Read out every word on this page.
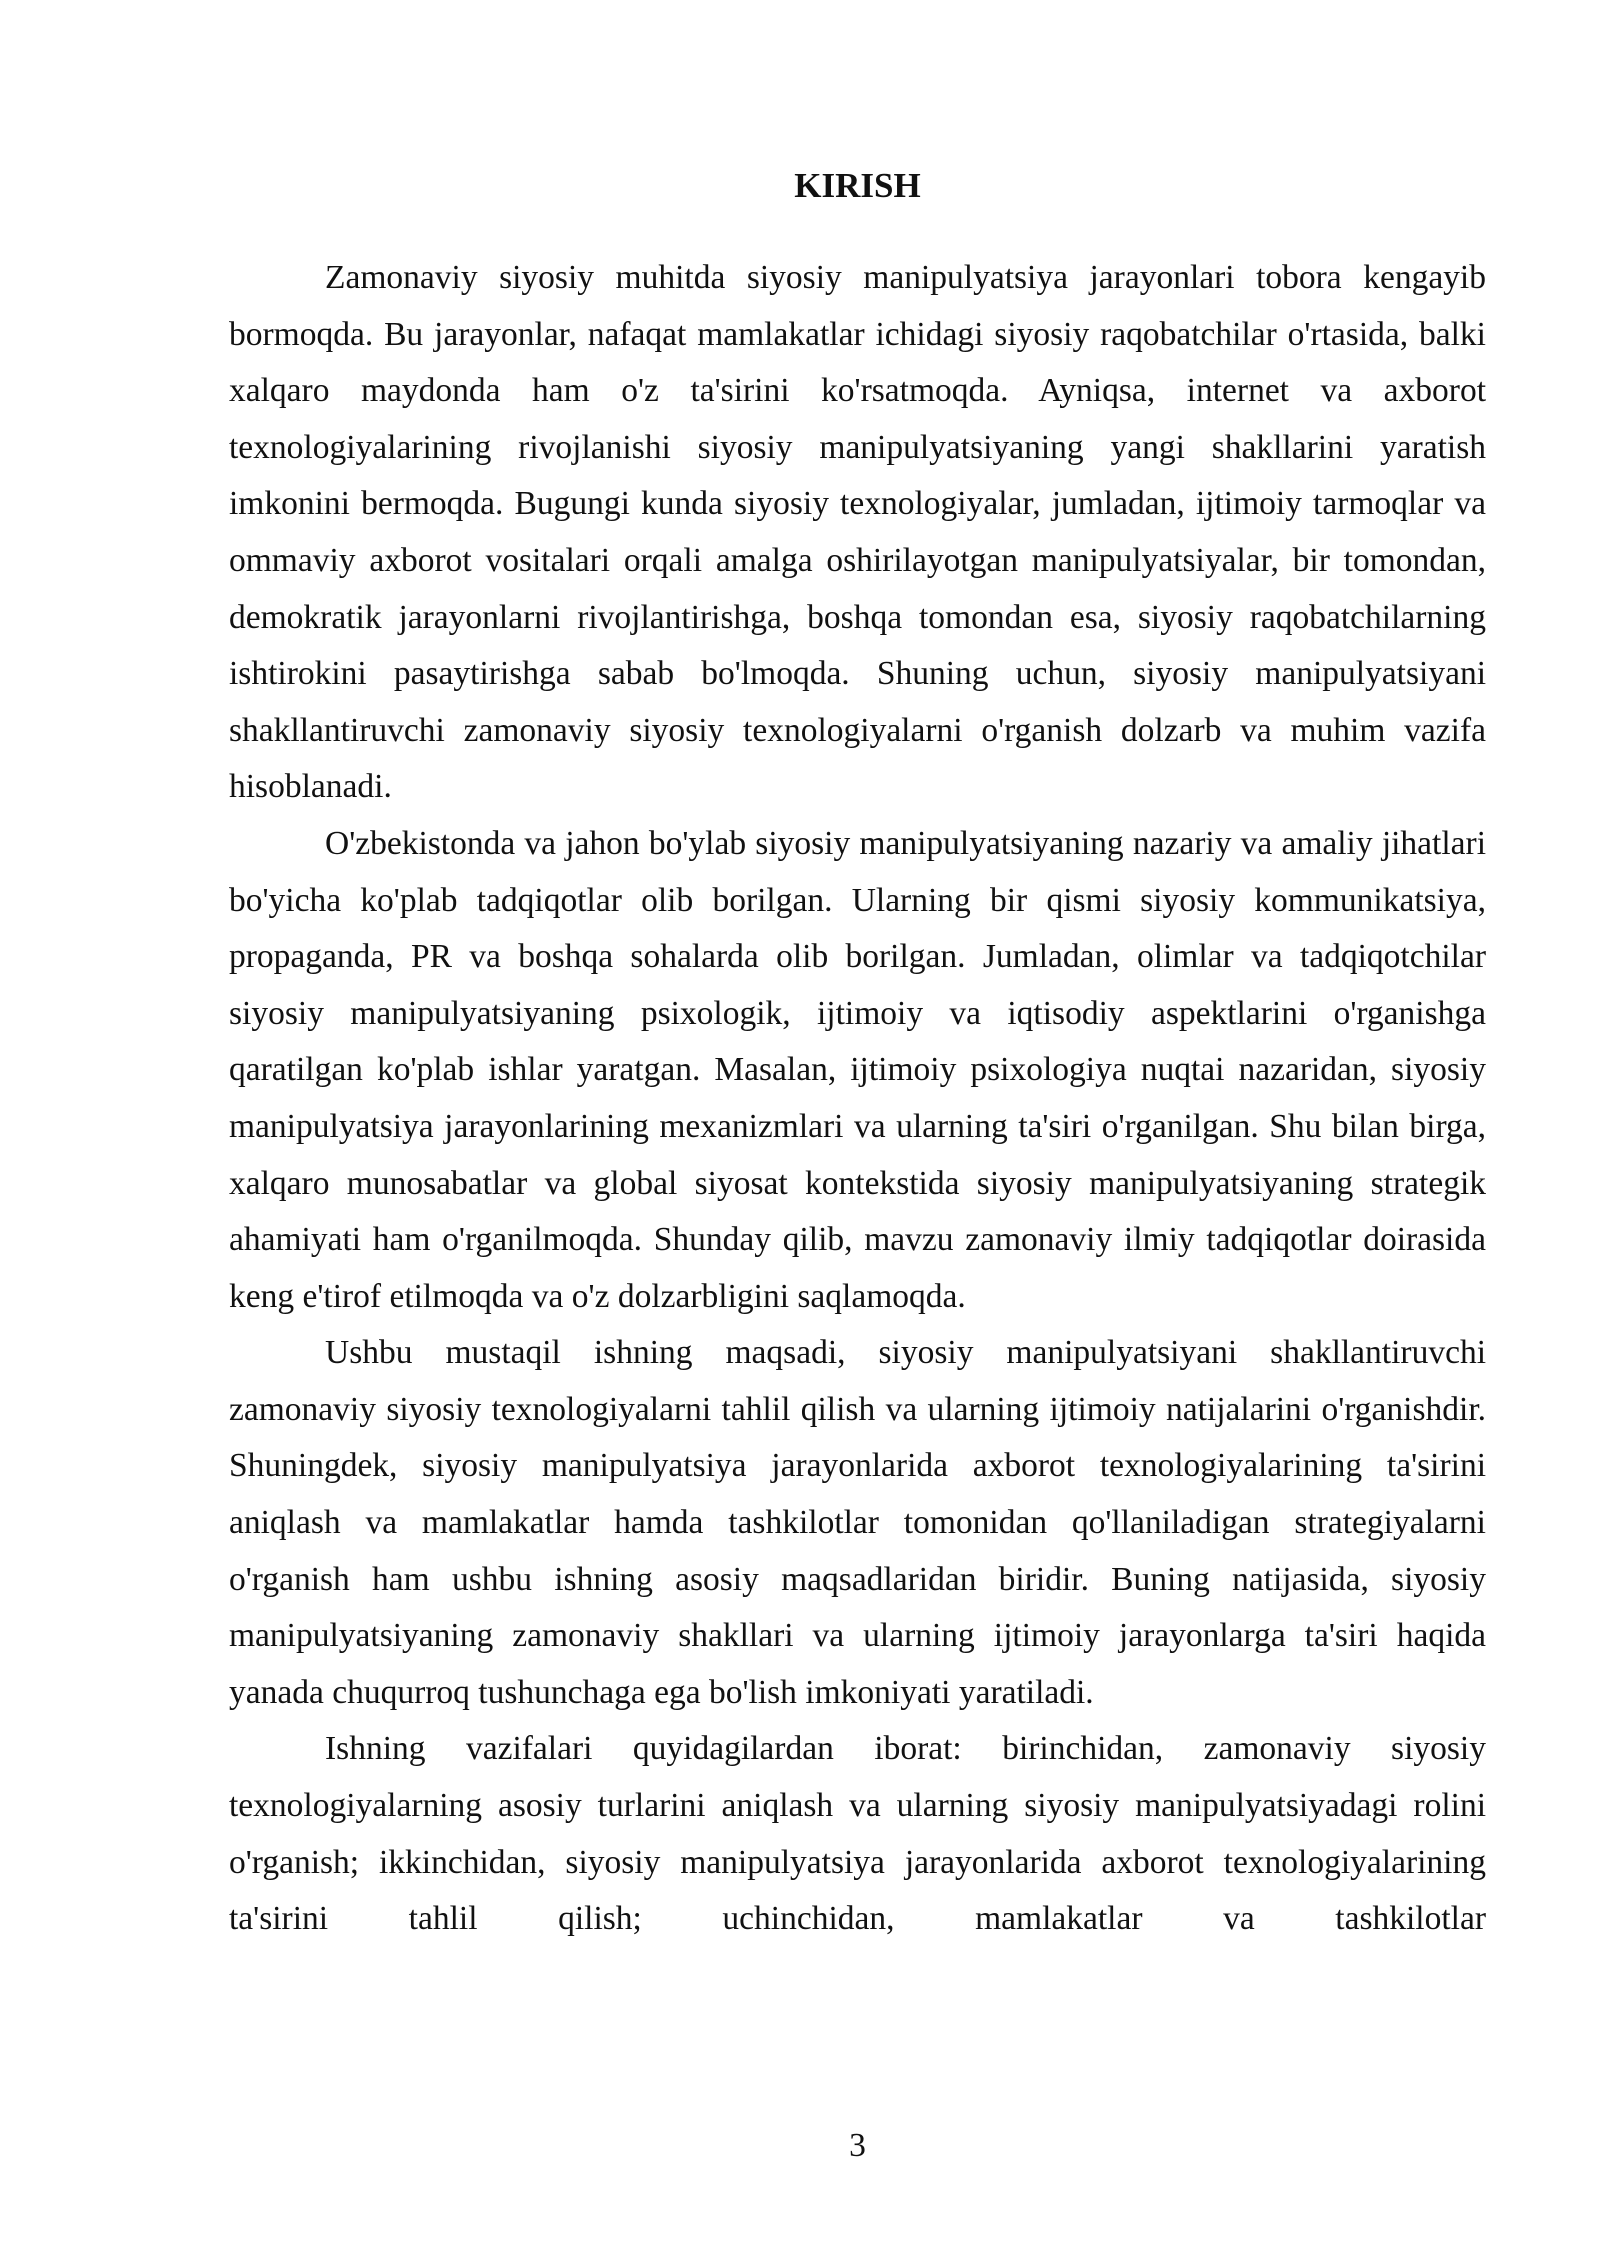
KIRISH

Zamonaviy siyosiy muhitda siyosiy manipulyatsiya jarayonlari tobora kengayib bormoqda. Bu jarayonlar, nafaqat mamlakatlar ichidagi siyosiy raqobatchilar o'rtasida, balki xalqaro maydonda ham o'z ta'sirini ko'rsatmoqda. Ayniqsa, internet va axborot texnologiyalarining rivojlanishi siyosiy manipulyatsiyaning yangi shakllarini yaratish imkonini bermoqda. Bugungi kunda siyosiy texnologiyalar, jumladan, ijtimoiy tarmoqlar va ommaviy axborot vositalari orqali amalga oshirilayotgan manipulyatsiyalar, bir tomondan, demokratik jarayonlarni rivojlantirishga, boshqa tomondan esa, siyosiy raqobatchilarning ishtirokini pasaytirishga sabab bo'lmoqda. Shuning uchun, siyosiy manipulyatsiyani shakllantiruvchi zamonaviy siyosiy texnologiyalarni o'rganish dolzarb va muhim vazifa hisoblanadi.

O'zbekistonda va jahon bo'ylab siyosiy manipulyatsiyaning nazariy va amaliy jihatlari bo'yicha ko'plab tadqiqotlar olib borilgan. Ularning bir qismi siyosiy kommunikatsiya, propaganda, PR va boshqa sohalarda olib borilgan. Jumladan, olimlar va tadqiqotchilar siyosiy manipulyatsiyaning psixologik, ijtimoiy va iqtisodiy aspektlarini o'rganishga qaratilgan ko'plab ishlar yaratgan. Masalan, ijtimoiy psixologiya nuqtai nazaridan, siyosiy manipulyatsiya jarayonlarining mexanizmlari va ularning ta'siri o'rganilgan. Shu bilan birga, xalqaro munosabatlar va global siyosat kontekstida siyosiy manipulyatsiyaning strategik ahamiyati ham o'rganilmoqda. Shunday qilib, mavzu zamonaviy ilmiy tadqiqotlar doirasida keng e'tirof etilmoqda va o'z dolzarbligini saqlamoqda.

Ushbu mustaqil ishning maqsadi, siyosiy manipulyatsiyani shakllantiruvchi zamonaviy siyosiy texnologiyalarni tahlil qilish va ularning ijtimoiy natijalarini o'rganishdir. Shuningdek, siyosiy manipulyatsiya jarayonlarida axborot texnologiyalarining ta'sirini aniqlash va mamlakatlar hamda tashkilotlar tomonidan qo'llaniladigan strategiyalarni o'rganish ham ushbu ishning asosiy maqsadlaridan biridir. Buning natijasida, siyosiy manipulyatsiyaning zamonaviy shakllari va ularning ijtimoiy jarayonlarga ta'siri haqida yanada chuqurroq tushunchaga ega bo'lish imkoniyati yaratiladi.

Ishning vazifalari quyidagilardan iborat: birinchidan, zamonaviy siyosiy texnologiyalarning asosiy turlarini aniqlash va ularning siyosiy manipulyatsiyadagi rolini o'rganish; ikkinchidan, siyosiy manipulyatsiya jarayonlarida axborot texnologiyalarining ta'sirini tahlil qilish; uchinchidan, mamlakatlar va tashkilotlar

3
